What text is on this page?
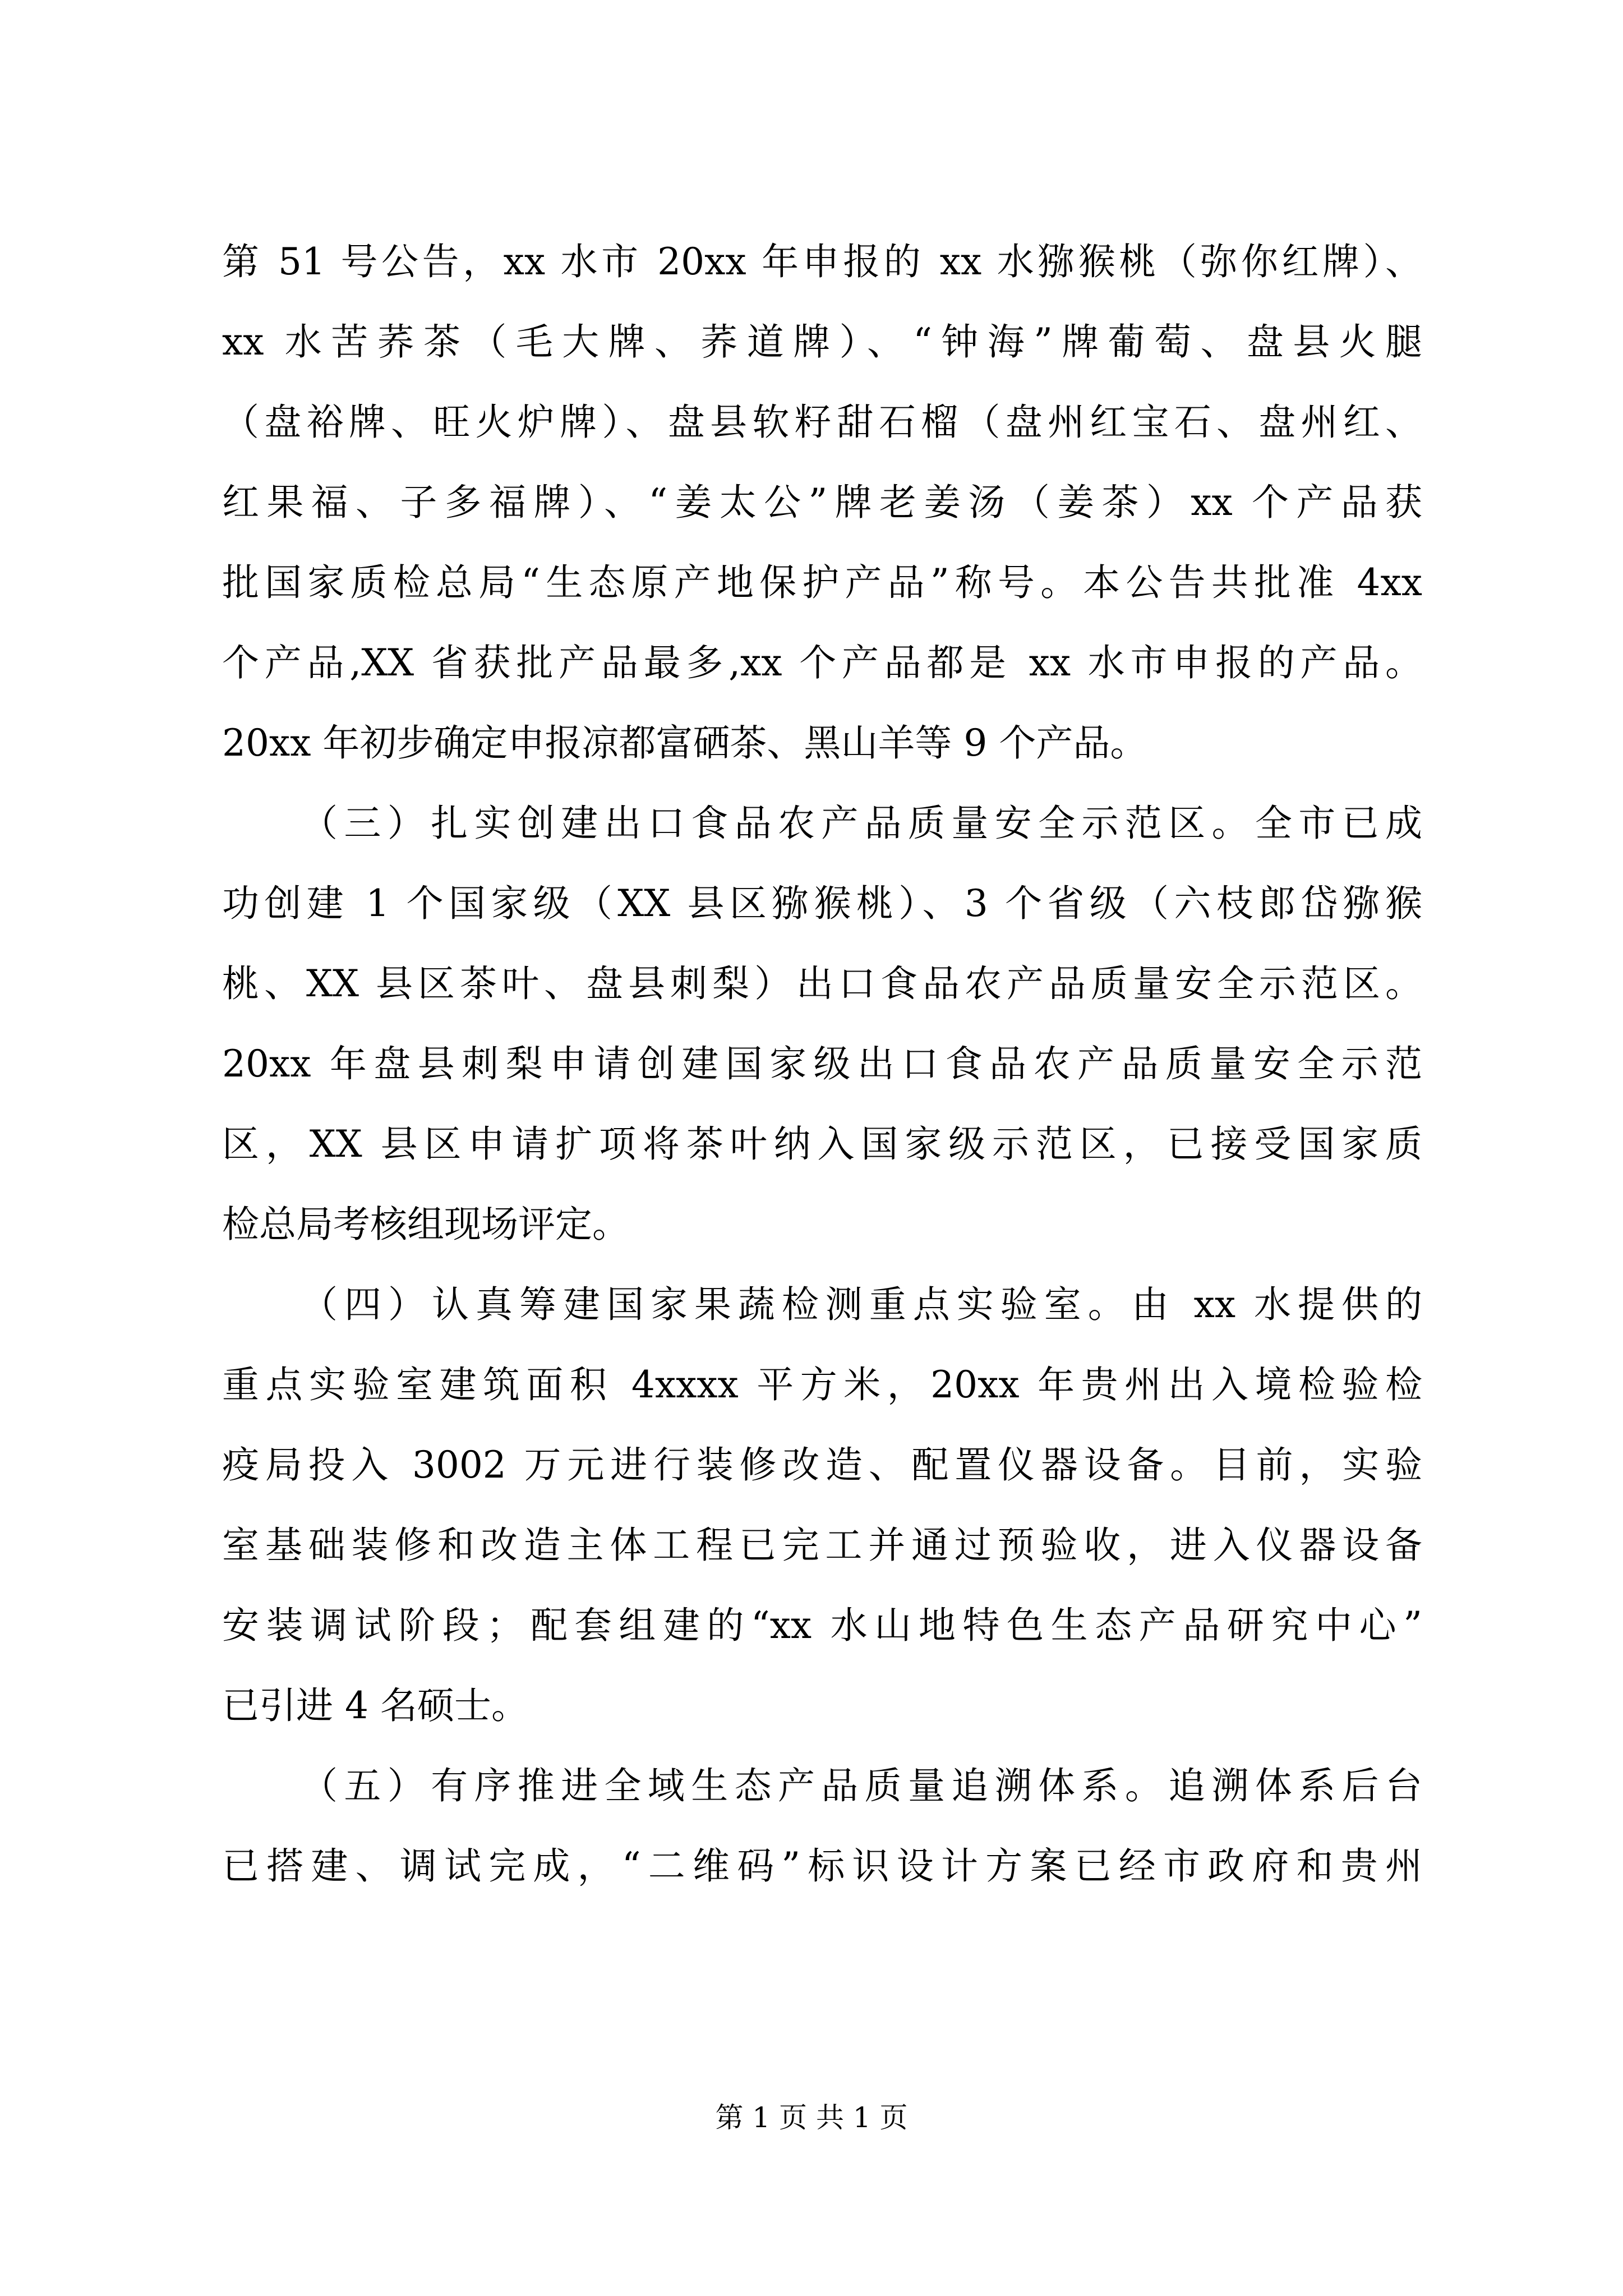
第 51 号公告，xx 水市 20xx 年申报的 xx 水猕猴桃（弥你红牌）、
xx 水苦荞茶（毛大牌、荞道牌）、“钟海”牌葡萄、盘县火腿
（盘裕牌、旺火炉牌）、盘县软籽甜石榴（盘州红宝石、盘州红、
红果福、子多福牌）、“姜太公”牌老姜汤（姜茶）xx 个产品获
批国家质检总局“生态原产地保护产品”称号。本公告共批准 4xx
个产品,XX 省获批产品最多,xx 个产品都是 xx 水市申报的产品。
20xx 年初步确定申报凉都富硒茶、黑山羊等 9 个产品。
（三）扎实创建出口食品农产品质量安全示范区。全市已成
功创建 1 个国家级（XX 县区猕猴桃）、3 个省级（六枝郎岱猕猴
桃、XX 县区茶叶、盘县刺梨）出口食品农产品质量安全示范区。
20xx 年盘县刺梨申请创建国家级出口食品农产品质量安全示范
区，XX 县区申请扩项将茶叶纳入国家级示范区，已接受国家质
检总局考核组现场评定。
（四）认真筹建国家果蔬检测重点实验室。由 xx 水提供的
重点实验室建筑面积 4xxxx 平方米，20xx 年贵州出入境检验检
疫局投入 3002 万元进行装修改造、配置仪器设备。目前，实验
室基础装修和改造主体工程已完工并通过预验收，进入仪器设备
安装调试阶段；配套组建的“xx 水山地特色生态产品研究中心”
已引进 4 名硕士。
（五）有序推进全域生态产品质量追溯体系。追溯体系后台
已搭建、调试完成，“二维码”标识设计方案已经市政府和贵州
第 1 页 共 1 页
